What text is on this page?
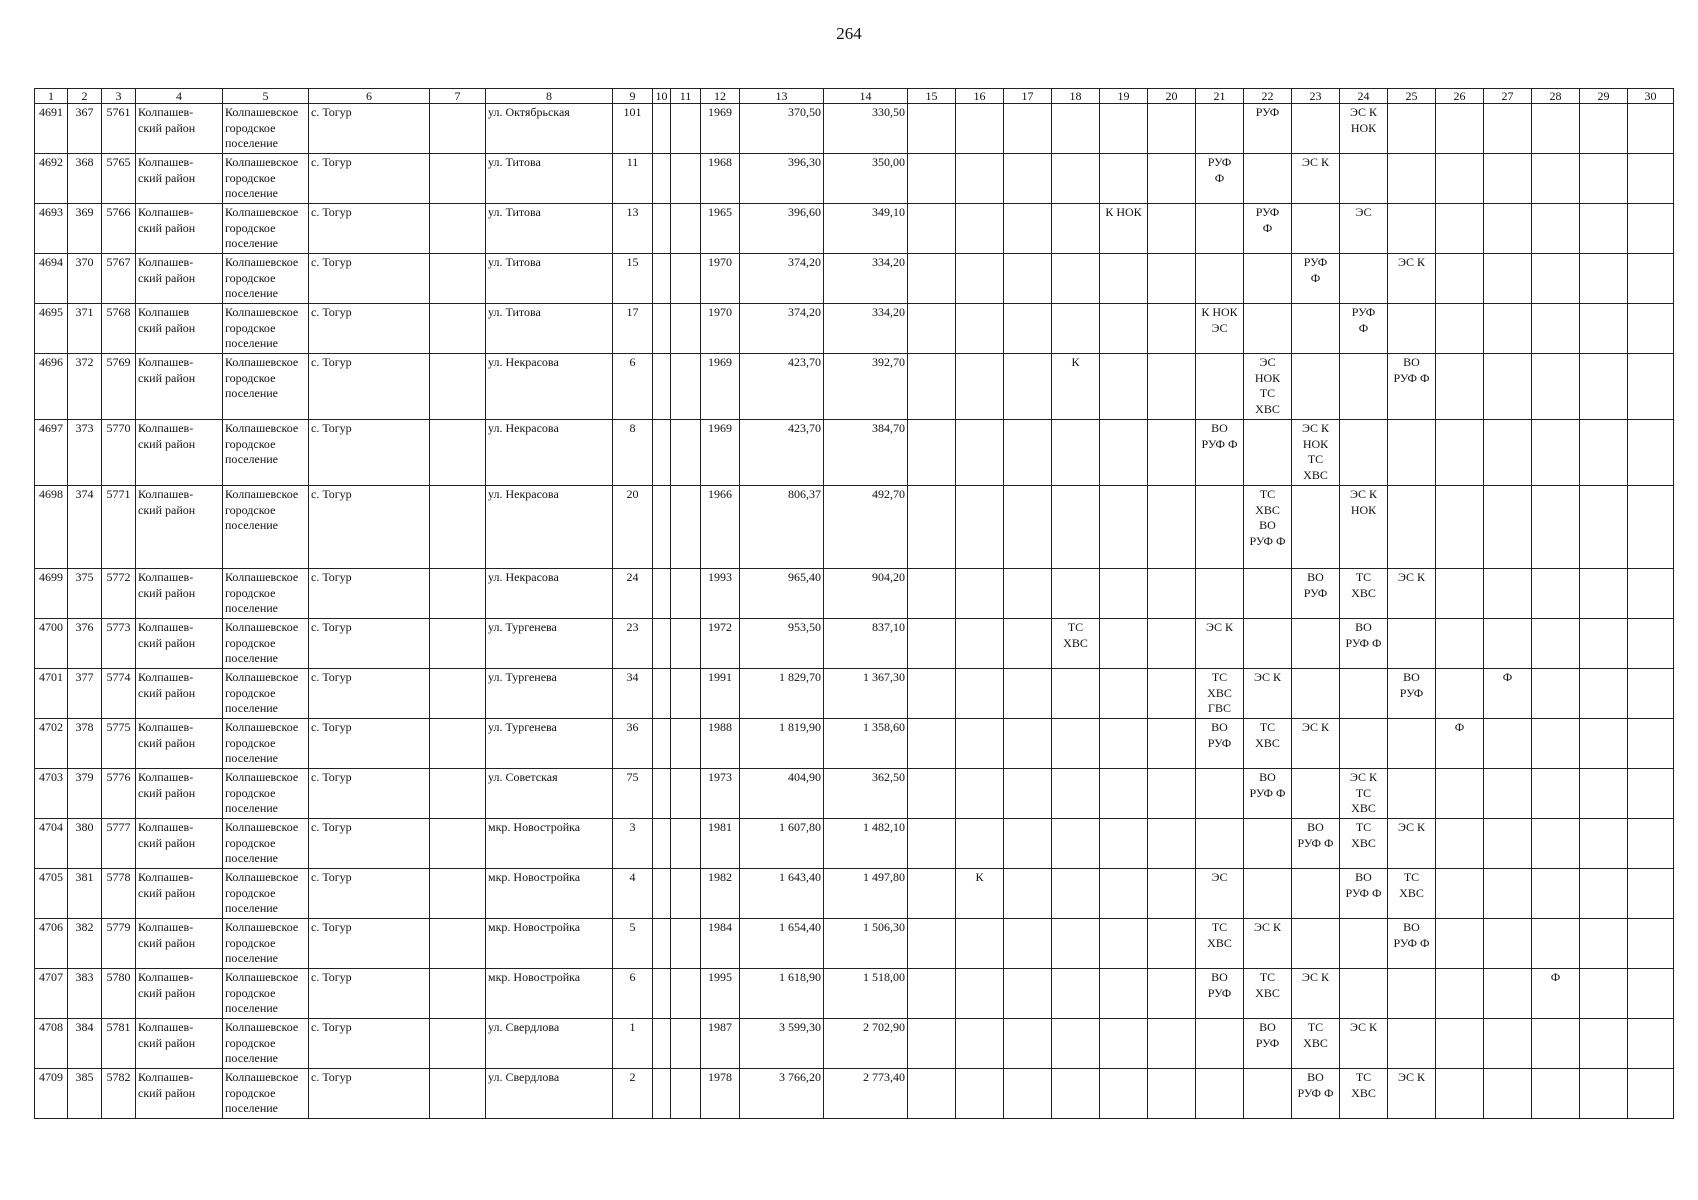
264
1	2	3	4	5	6	7	8	9	10	11	12	13	14	15	16	17	18	19	20	21	22	23	24	25	26	27	28	29	30

4691	367	5761	Колпашев-
ский район	Колпашевское
городское
поселение	с. Тогур		ул. Октябрьская	101			1969	370,50	330,50								РУФ		ЭС К
НОК						

4692	368	5765	Колпашев-
ский район	Колпашевское
городское
поселение	с. Тогур		ул. Титова	11			1968	396,30	350,00							РУФ
Ф		ЭС К							

4693	369	5766	Колпашев-
ский район	Колпашевское
городское
поселение	с. Тогур		ул. Титова	13			1965	396,60	349,10					К НОК			РУФ
Ф		ЭС						

4694	370	5767	Колпашев-
ский район	Колпашевское
городское
поселение	с. Тогур		ул. Титова	15			1970	374,20	334,20									РУФ
Ф		ЭС К					

4695	371	5768	Колпашев
ский район	Колпашевское
городское
поселение	с. Тогур		ул. Титова	17			1970	374,20	334,20							К НОК
ЭС			РУФ
Ф						

4696	372	5769	Колпашев-
ский район	Колпашевское
городское
поселение	с. Тогур		ул. Некрасова	6			1969	423,70	392,70				К				ЭС
НОК
ТС
ХВС			ВО
РУФ Ф					

4697	373	5770	Колпашев-
ский район	Колпашевское
городское
поселение	с. Тогур		ул. Некрасова	8			1969	423,70	384,70							ВО
РУФ Ф		ЭС К
НОК
ТС
ХВС							

4698	374	5771	Колпашев-
ский район	Колпашевское
городское
поселение	с. Тогур		ул. Некрасова	20			1966	806,37	492,70								ТС
ХВС
ВО
РУФ Ф		ЭС К
НОК						

4699	375	5772	Колпашев-
ский район	Колпашевское
городское
поселение	с. Тогур		ул. Некрасова	24			1993	965,40	904,20									ВО
РУФ	ТС
ХВС	ЭС К					

4700	376	5773	Колпашев-
ский район	Колпашевское
городское
поселение	с. Тогур		ул. Тургенева	23			1972	953,50	837,10				ТС
ХВС			ЭС К			ВО
РУФ Ф						

4701	377	5774	Колпашев-
ский район	Колпашевское
городское
поселение	с. Тогур		ул. Тургенева	34			1991	1 829,70	1 367,30							ТС
ХВС
ГВС	ЭС К			ВО
РУФ		Ф			

4702	378	5775	Колпашев-
ский район	Колпашевское
городское
поселение	с. Тогур		ул. Тургенева	36			1988	1 819,90	1 358,60							ВО
РУФ	ТС
ХВС	ЭС К			Ф				

4703	379	5776	Колпашев-
ский район	Колпашевское
городское
поселение	с. Тогур		ул. Советская	75			1973	404,90	362,50								ВО
РУФ Ф		ЭС К
ТС
ХВС						

4704	380	5777	Колпашев-
ский район	Колпашевское
городское
поселение	с. Тогур		мкр. Новостройка	3			1981	1 607,80	1 482,10									ВО
РУФ Ф	ТС
ХВС	ЭС К					

4705	381	5778	Колпашев-
ский район	Колпашевское
городское
поселение	с. Тогур		мкр. Новостройка	4			1982	1 643,40	1 497,80		К					ЭС			ВО
РУФ Ф	ТС
ХВС					

4706	382	5779	Колпашев-
ский район	Колпашевское
городское
поселение	с. Тогур		мкр. Новостройка	5			1984	1 654,40	1 506,30							ТС
ХВС	ЭС К			ВО
РУФ Ф					

4707	383	5780	Колпашев-
ский район	Колпашевское
городское
поселение	с. Тогур		мкр. Новостройка	6			1995	1 618,90	1 518,00							ВО
РУФ	ТС
ХВС	ЭС К					Ф		

4708	384	5781	Колпашев-
ский район	Колпашевское
городское
поселение	с. Тогур		ул. Свердлова	1			1987	3 599,30	2 702,90								ВО
РУФ	ТС
ХВС	ЭС К						

4709	385	5782	Колпашев-
ский район	Колпашевское
городское
поселение	с. Тогур		ул. Свердлова	2			1978	3 766,20	2 773,40									ВО
РУФ Ф	ТС
ХВС	ЭС К					
